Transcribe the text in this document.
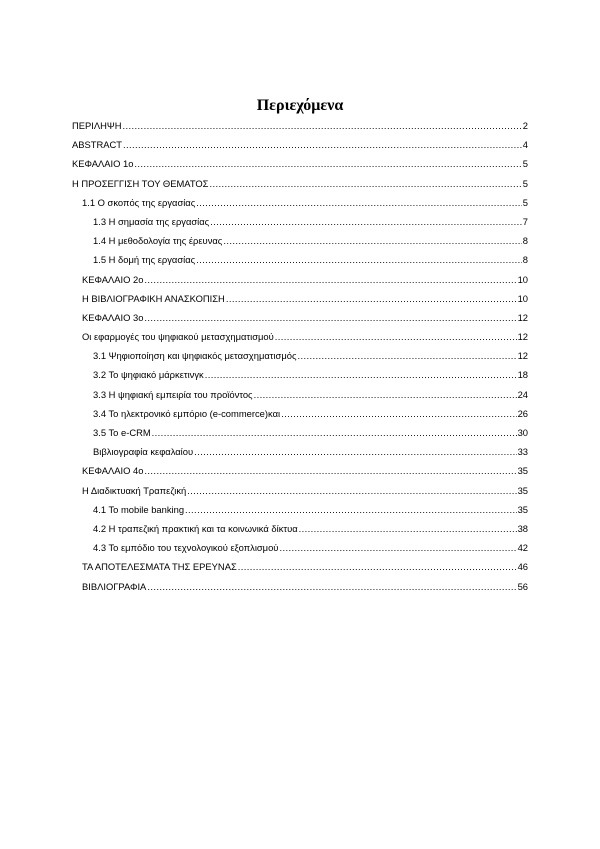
Περιεχόμενα
ΠΕΡΙΛΗΨΗ .....	2
ABSTRACT .....	4
ΚΕΦΑΛΑΙΟ 1ο .....	5
Η ΠΡΟΣΕΓΓΙΣΗ ΤΟΥ ΘΕΜΑΤΟΣ .....	5
1.1 Ο σκοπός της εργασίας .....	5
1.3 Η σημασία της εργασίας .....	7
1.4 Η μεθοδολογία της έρευνας .....	8
1.5 Η δομή της εργασίας .....	8
ΚΕΦΑΛΑΙΟ 2ο .....	10
Η ΒΙΒΛΙΟΓΡΑΦΙΚΗ ΑΝΑΣΚΟΠΙΣΗ .....	10
ΚΕΦΑΛΑΙΟ 3ο .....	12
Οι εφαρμογές του ψηφιακού μετασχηματισμού .....	12
3.1 Ψηφιοποίηση και ψηφιακός μετασχηματισμός .....	12
3.2 Το ψηφιακό μάρκετινγκ .....	18
3.3 Η ψηφιακή εμπειρία του προϊόντος .....	24
3.4 Το ηλεκτρονικό εμπόριο (e-commerce)και .....	26
3.5 Το e-CRM .....	30
Βιβλιογραφία κεφαλαίου .....	33
ΚΕΦΑΛΑΙΟ 4ο .....	35
Η Διαδικτυακή Τραπεζική .....	35
4.1 Το mobile banking .....	35
4.2 Η τραπεζική πρακτική και τα κοινωνικά δίκτυα .....	38
4.3 Το εμπόδιο του τεχνολογικού εξοπλισμού .....	42
ΤΑ ΑΠΟΤΕΛΕΣΜΑΤΑ ΤΗΣ ΕΡΕΥΝΑΣ .....	46
ΒΙΒΛΙΟΓΡΑΦΙΑ .....	56
